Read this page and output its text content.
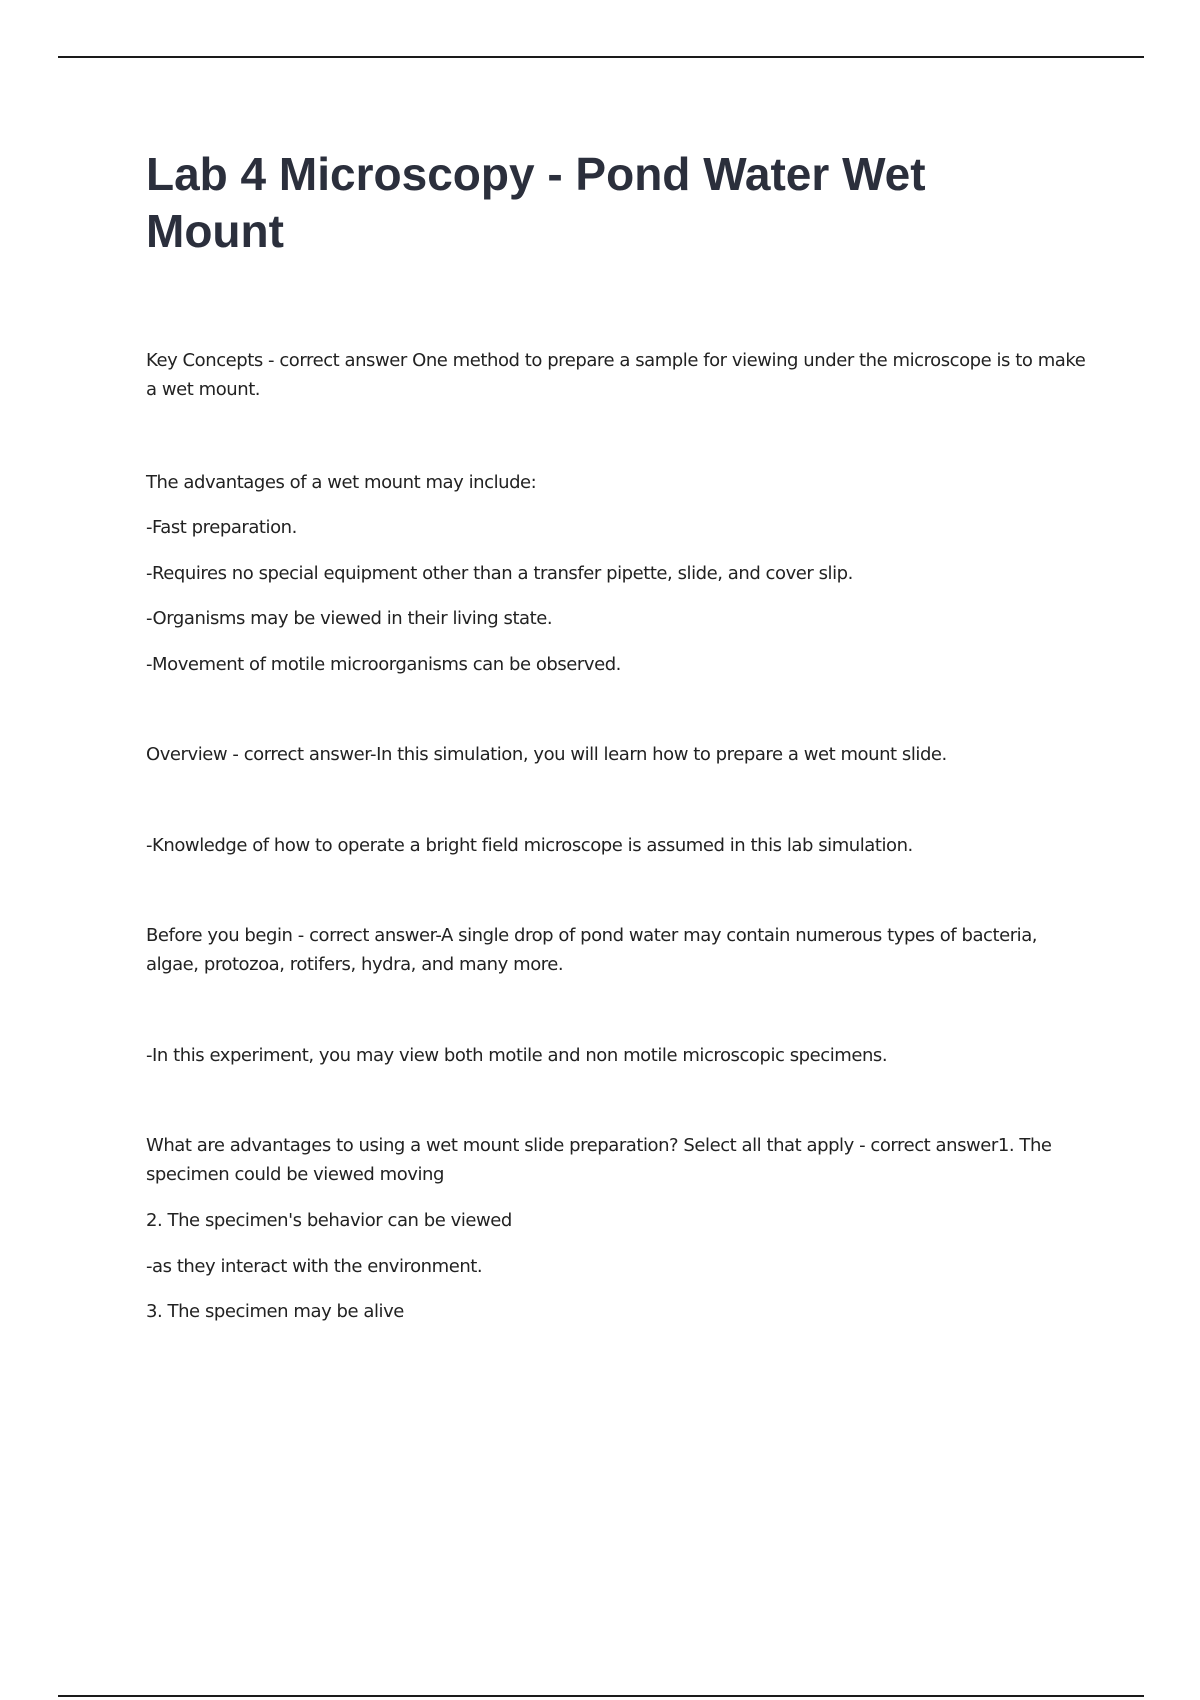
Lab 4 Microscopy - Pond Water Wet Mount

Key Concepts - correct answer One method to prepare a sample for viewing under the microscope is to make a wet mount.

The advantages of a wet mount may include:

-Fast preparation.

-Requires no special equipment other than a transfer pipette, slide, and cover slip.

-Organisms may be viewed in their living state.

-Movement of motile microorganisms can be observed.

Overview - correct answer-In this simulation, you will learn how to prepare a wet mount slide.

-Knowledge of how to operate a bright field microscope is assumed in this lab simulation.

Before you begin - correct answer-A single drop of pond water may contain numerous types of bacteria, algae, protozoa, rotifers, hydra, and many more.

-In this experiment, you may view both motile and non motile microscopic specimens.

What are advantages to using a wet mount slide preparation? Select all that apply - correct answer1. The specimen could be viewed moving

2. The specimen's behavior can be viewed

-as they interact with the environment.

3. The specimen may be alive
